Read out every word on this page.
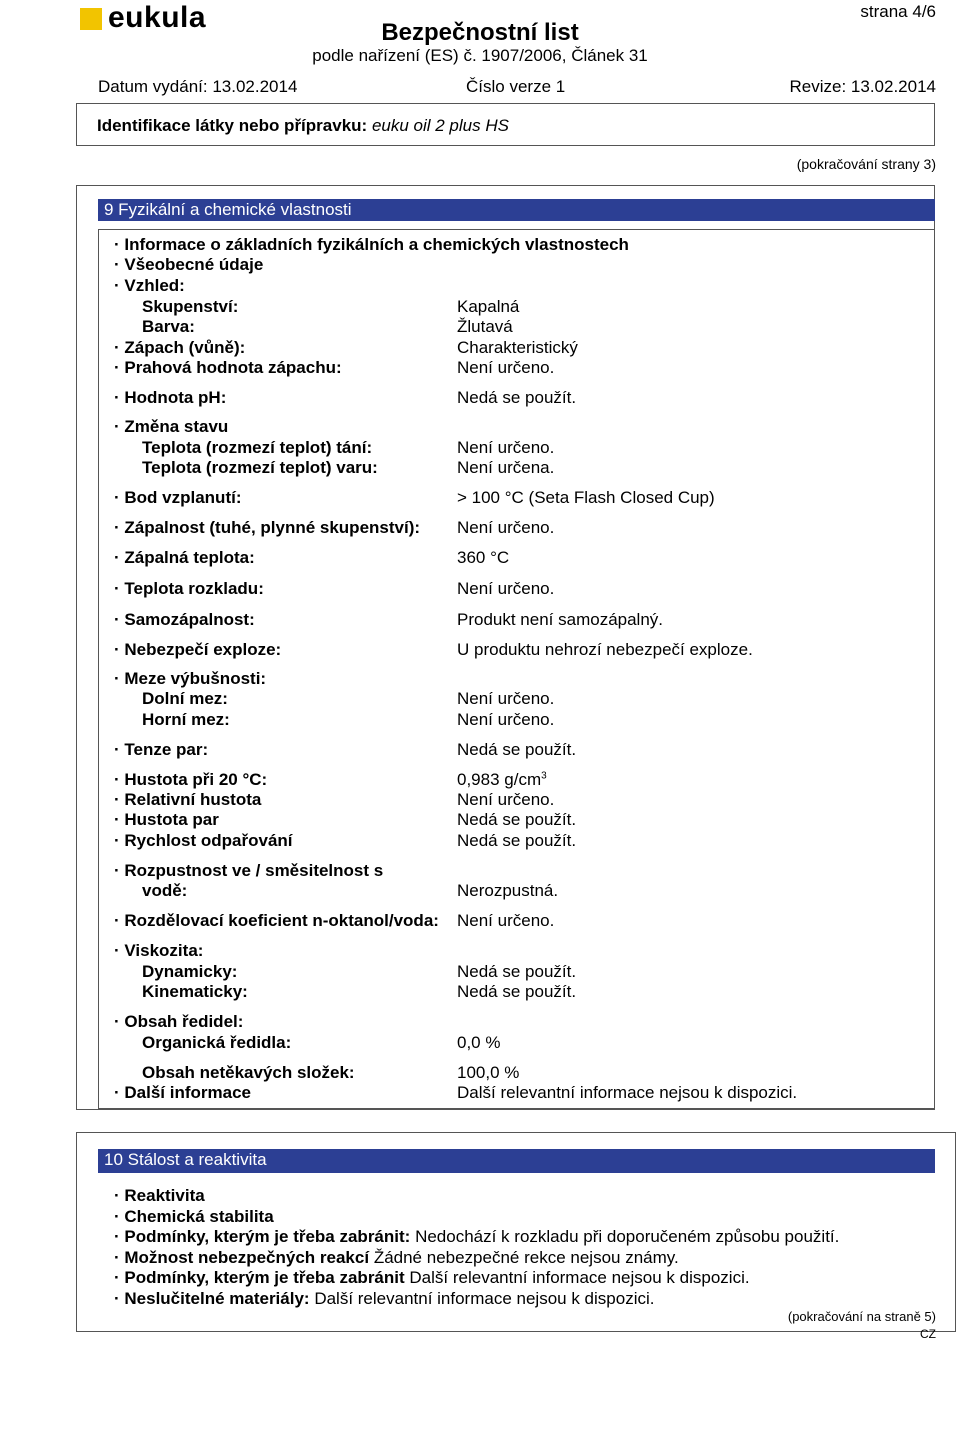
eukula	strana 4/6
Bezpečnostní list
podle nařízení (ES) č. 1907/2006, Článek 31
Datum vydání: 13.02.2014	Číslo verze 1	Revize: 13.02.2014
Identifikace látky nebo přípravku: euku oil 2 plus HS
(pokračování strany 3)
9 Fyzikální a chemické vlastnosti
· Informace o základních fyzikálních a chemických vlastnostech
· Všeobecné údaje
· Vzhled:
Skupenství:	Kapalná
Barva:	Žlutavá
· Zápach (vůně):	Charakteristický
· Prahová hodnota zápachu:	Není určeno.
· Hodnota pH:	Nedá se použít.
· Změna stavu
Teplota (rozmezí teplot) tání:	Není určeno.
Teplota (rozmezí teplot) varu:	Není určena.
· Bod vzplanutí:	> 100 °C (Seta Flash Closed Cup)
· Zápalnost (tuhé, plynné skupenství): Není určeno.
· Zápalná teplota:	360 °C
· Teplota rozkladu:	Není určeno.
· Samozápalnost:	Produkt není samozápalný.
· Nebezpečí exploze:	U produktu nehrozí nebezpečí exploze.
· Meze výbušnosti:
Dolní mez:	Není určeno.
Horní mez:	Není určeno.
· Tenze par:	Nedá se použít.
· Hustota při 20 °C:	0,983 $g/cm^3$
· Relativní hustota	Není určeno.
· Hustota par	Nedá se použít.
· Rychlost odpařování	Nedá se použít.
· Rozpustnost ve / směsitelnost s
vodě:	Nerozpustná.
· Rozdělovací koeficient n-oktanol/voda: Není určeno.
· Viskozita:
Dynamicky:	Nedá se použít.
Kinematicky:	Nedá se použít.
· Obsah ředidel:
Organická ředidla:	0,0 %
Obsah netěkavých složek:	100,0 %
· Další informace	Další relevantní informace nejsou k dispozici.
10 Stálost a reaktivita
· Reaktivita
· Chemická stabilita
· Podmínky, kterým je třeba zabránit: Nedochází k rozkladu při doporučeném způsobu použití.
· Možnost nebezpečných reakcí Žádné nebezpečné rekce nejsou známy.
· Podmínky, kterým je třeba zabránit Další relevantní informace nejsou k dispozici.
· Neslučitelné materiály: Další relevantní informace nejsou k dispozici.
(pokračování na straně 5)
CZ
